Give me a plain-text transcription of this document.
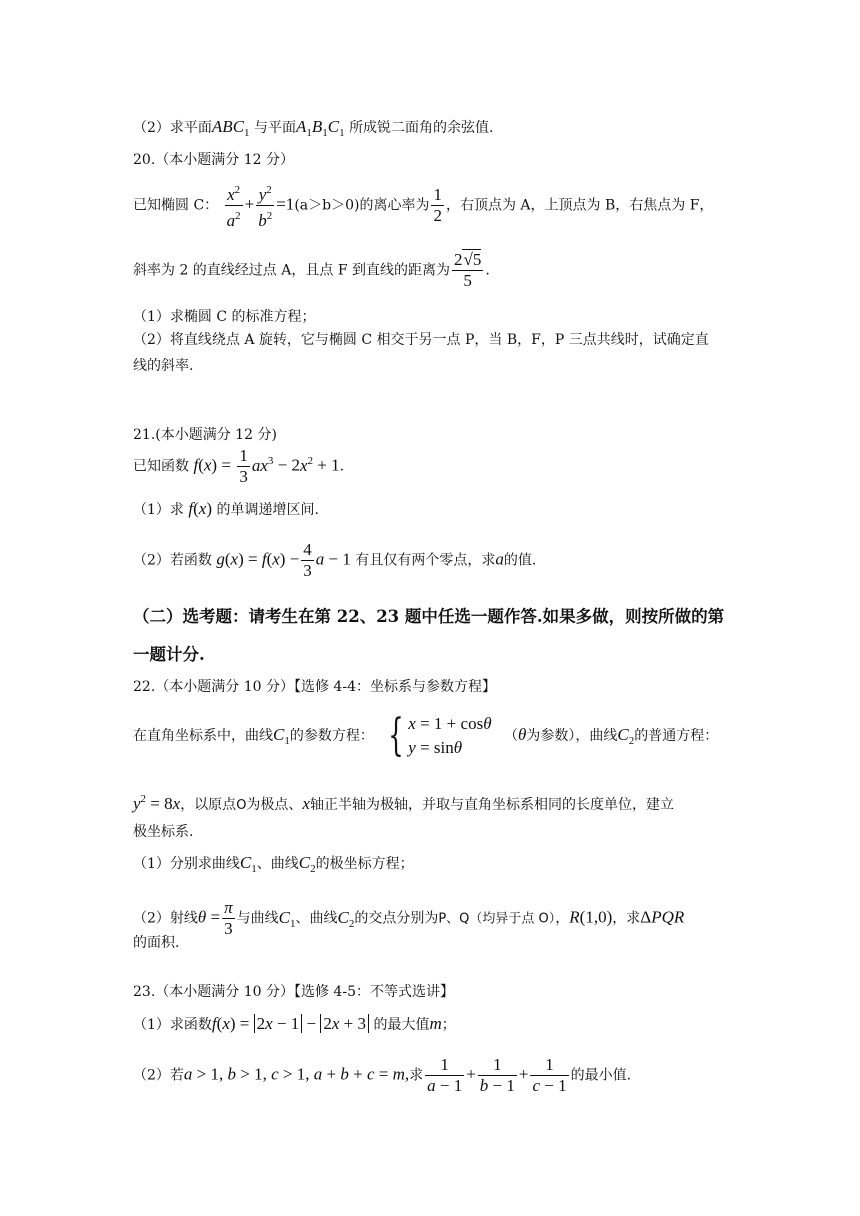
（2）求平面$ABC_1$ 与平面$A_1B_1C_1$ 所成锐二面角的余弦值.
20.（本小题满分 12 分）
已知椭圆 C： $\frac{x^2}{a^2} + \frac{y^2}{b^2} =1(a>b>0)$的离心率为 $\frac{1}{2}$ ，右顶点为 A，上顶点为 B，右焦点为 F，
斜率为 2 的直线经过点 A，且点 F 到直线的距离为 $\frac{2√5}{5}$ .
（1）求椭圆 C 的标准方程；
（2）将直线绕点 A 旋转，它与椭圆 C 相交于另一点 P，当 B，F，P 三点共线时，试确定直
线的斜率.
21.(本小题满分 12 分)
已知函数 $f(x) = \frac{1}{3} ax^3 - 2x^2 + 1$.
（1）求 f(x) 的单调递增区间.
（2）若函数 $g(x) = f(x) - \frac{4}{3}$ a − 1 有且仅有两个零点，求a的值.
（二）选考题：请考生在第 22、23 题中任选一题作答.如果多做，则按所做的第
一题计分.
22.（本小题满分 10 分）【选修 4-4：坐标系与参数方程】
在直角坐标系中，曲线$C_1$的参数方程： { x = 1 + cosθ
y = sinθ （θ为参数），曲线$C_2$的普通方程：
$y^2 = 8x$，以原点O为极点、x轴正半轴为极轴，并取与直角坐标系相同的长度单位，建立
极坐标系.
（1）分别求曲线$C_1$、曲线$C_2$的极坐标方程；
（2）射线$\theta = \frac{\pi}{3}$ 与曲线$C_1$、曲线$C_2$的交点分别为P、Q（均异于点 O），R(1,0)，求ΔPQR
的面积.
23.（本小题满分 10 分）【选修 4-5：不等式选讲】
（1）求函数f(x) = 2x − 1 − 2x + 3 的最大值m；
（2）若a > 1, b > 1, c > 1, a + b + c = m,求 $\frac{1}{a - 1} + \frac{1}{b - 1} + \frac{1}{c - 1}$ 的最小值.
